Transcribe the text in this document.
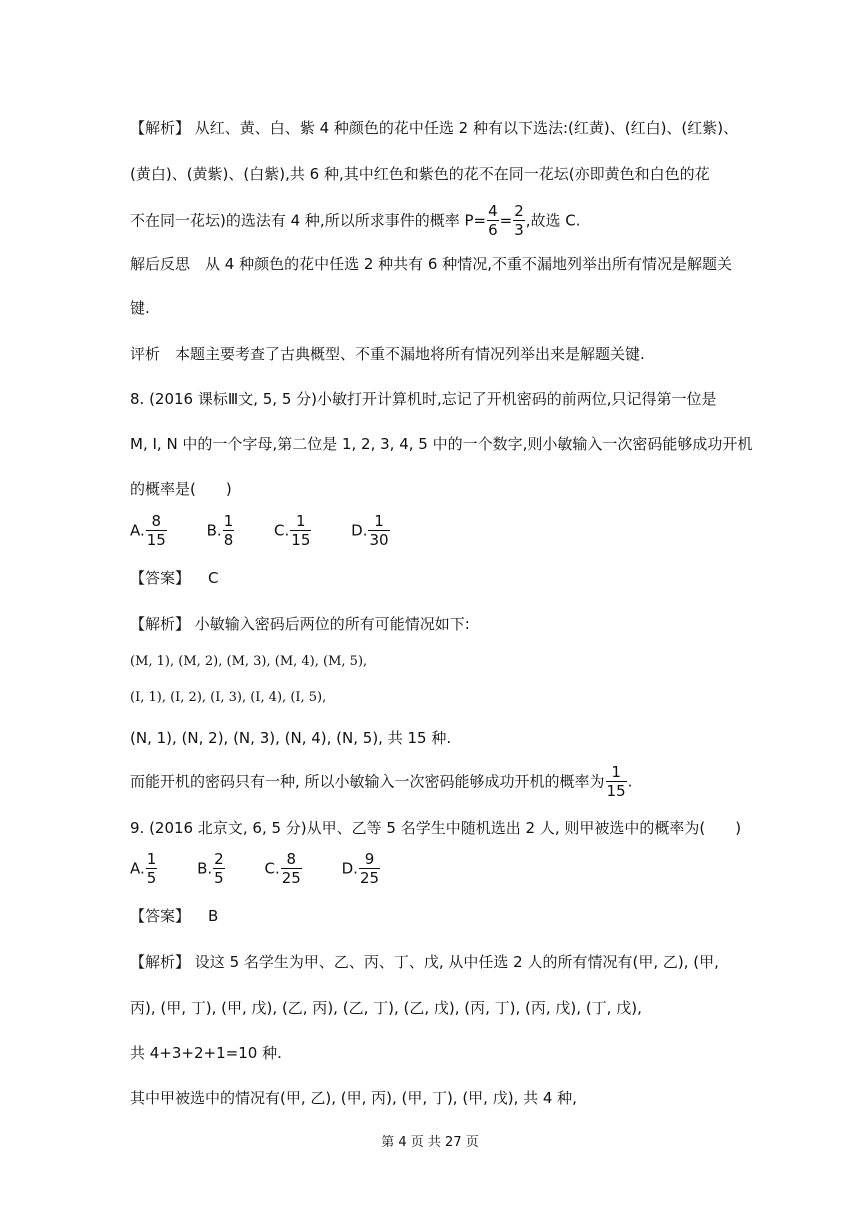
【解析】 从红、黄、白、紫 4 种颜色的花中任选 2 种有以下选法:(红黄)、(红白)、(红紫)、
(黄白)、(黄紫)、(白紫),共 6 种,其中红色和紫色的花不在同一花坛(亦即黄色和白色的花
不在同一花坛)的选法有 4 种,所以所求事件的概率 $P= \frac{4}{6} = \frac{2}{3}$ ,故选 C.
解后反思　从 4 种颜色的花中任选 2 种共有 6 种情况,不重不漏地列举出所有情况是解题关
键.
评析　本题主要考查了古典概型、不重不漏地将所有情况列举出来是解题关键.
8. (2016 课标Ⅲ文, 5, 5 分)小敏打开计算机时,忘记了开机密码的前两位,只记得第一位是
M, I, N 中的一个字母,第二位是 1, 2, 3, 4, 5 中的一个数字,则小敏输入一次密码能够成功开机
的概率是(　　)
A. $\frac{8}{15}$	B. $\frac{1}{8}$	C. $\frac{1}{15}$	D. $\frac{1}{30}$
【答案】 C
【解析】 小敏输入密码后两位的所有可能情况如下:
(M, 1), (M, 2), (M, 3), (M, 4), (M, 5),
(I, 1), (I, 2), (I, 3), (I, 4), (I, 5),
(N, 1), (N, 2), (N, 3), (N, 4), (N, 5), 共 15 种.
而能开机的密码只有一种, 所以小敏输入一次密码能够成功开机的概率为 $\frac{1}{15}$ .
9. (2016 北京文, 6, 5 分)从甲、乙等 5 名学生中随机选出 2 人, 则甲被选中的概率为(　　)
A. $\frac{1}{5}$	B. $\frac{2}{5}$	C. $\frac{8}{25}$	D. $\frac{9}{25}$
【答案】 B
【解析】 设这 5 名学生为甲、乙、丙、丁、戊, 从中任选 2 人的所有情况有(甲, 乙), (甲,
丙), (甲, 丁), (甲, 戊), (乙, 丙), (乙, 丁), (乙, 戊), (丙, 丁), (丙, 戊), (丁, 戊),
共 4+3+2+1=10 种.
其中甲被选中的情况有(甲, 乙), (甲, 丙), (甲, 丁), (甲, 戊), 共 4 种,
第 4 页 共 27 页
